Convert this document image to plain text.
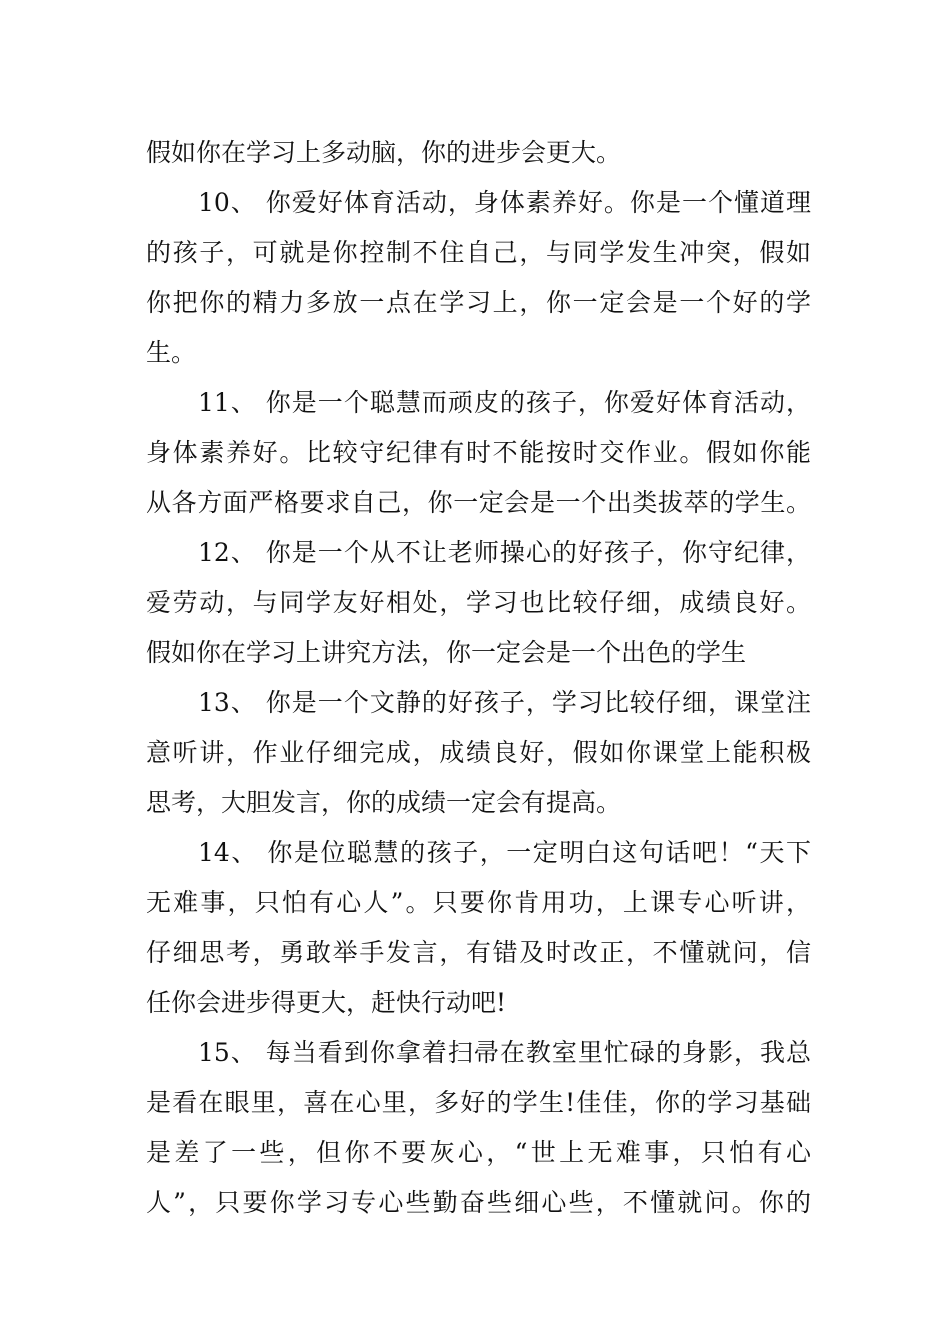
假如你在学习上多动脑，你的进步会更大。
10、 你爱好体育活动，身体素养好。你是一个懂道理
的孩子，可就是你控制不住自己，与同学发生冲突，假如
你把你的精力多放一点在学习上，你一定会是一个好的学
生。
11、 你是一个聪慧而顽皮的孩子，你爱好体育活动，
身体素养好。比较守纪律有时不能按时交作业。假如你能
从各方面严格要求自己，你一定会是一个出类拔萃的学生。
12、 你是一个从不让老师操心的好孩子，你守纪律，
爱劳动，与同学友好相处，学习也比较仔细，成绩良好。
假如你在学习上讲究方法，你一定会是一个出色的学生
13、 你是一个文静的好孩子，学习比较仔细，课堂注
意听讲，作业仔细完成，成绩良好，假如你课堂上能积极
思考，大胆发言，你的成绩一定会有提高。
14、 你是位聪慧的孩子，一定明白这句话吧！“天下
无难事，只怕有心人”。只要你肯用功，上课专心听讲，
仔细思考，勇敢举手发言，有错及时改正，不懂就问，信
任你会进步得更大，赶快行动吧!
15、 每当看到你拿着扫帚在教室里忙碌的身影，我总
是看在眼里，喜在心里，多好的学生!佳佳，你的学习基础
是差了一些，但你不要灰心，“世上无难事，只怕有心
人”，只要你学习专心些勤奋些细心些，不懂就问。你的
